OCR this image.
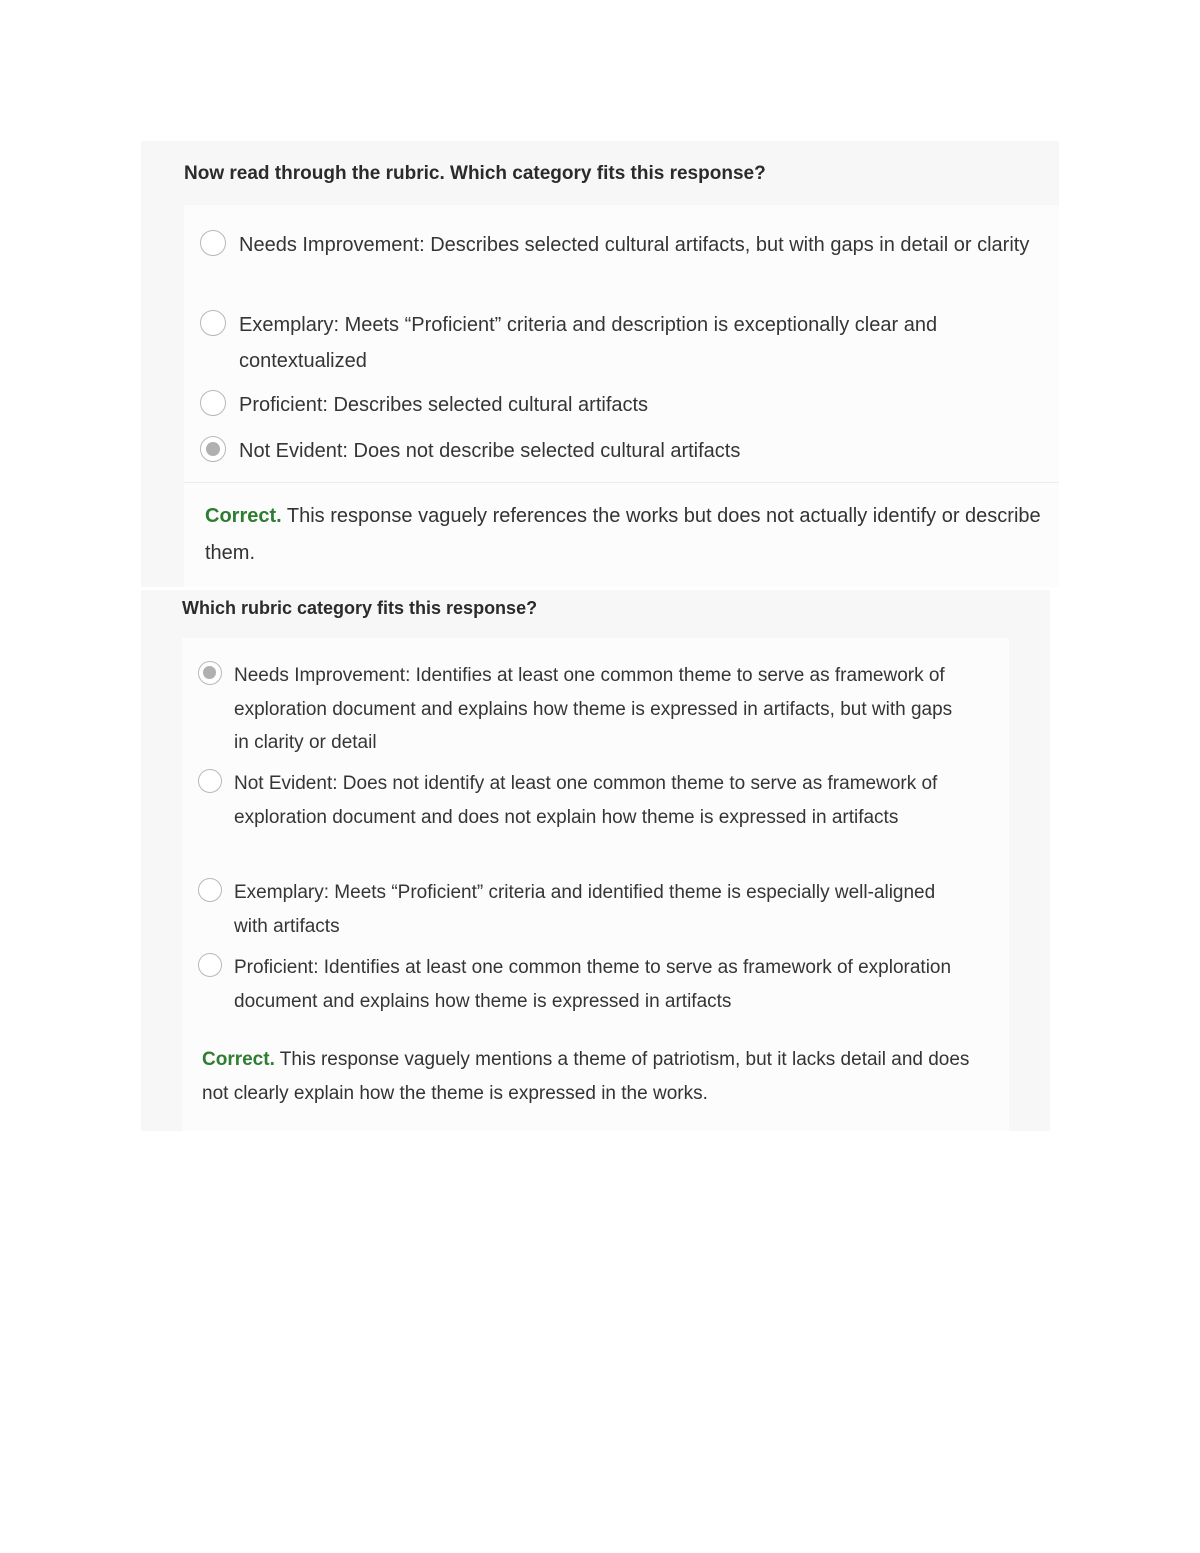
Now read through the rubric. Which category fits this response?
Needs Improvement: Describes selected cultural artifacts, but with gaps in detail or clarity
Exemplary: Meets “Proficient” criteria and description is exceptionally clear and contextualized
Proficient: Describes selected cultural artifacts
Not Evident: Does not describe selected cultural artifacts
Correct. This response vaguely references the works but does not actually identify or describe them.
Which rubric category fits this response?
Needs Improvement: Identifies at least one common theme to serve as framework of exploration document and explains how theme is expressed in artifacts, but with gaps in clarity or detail
Not Evident: Does not identify at least one common theme to serve as framework of exploration document and does not explain how theme is expressed in artifacts
Exemplary: Meets “Proficient” criteria and identified theme is especially well-aligned with artifacts
Proficient: Identifies at least one common theme to serve as framework of exploration document and explains how theme is expressed in artifacts
Correct. This response vaguely mentions a theme of patriotism, but it lacks detail and does not clearly explain how the theme is expressed in the works.
